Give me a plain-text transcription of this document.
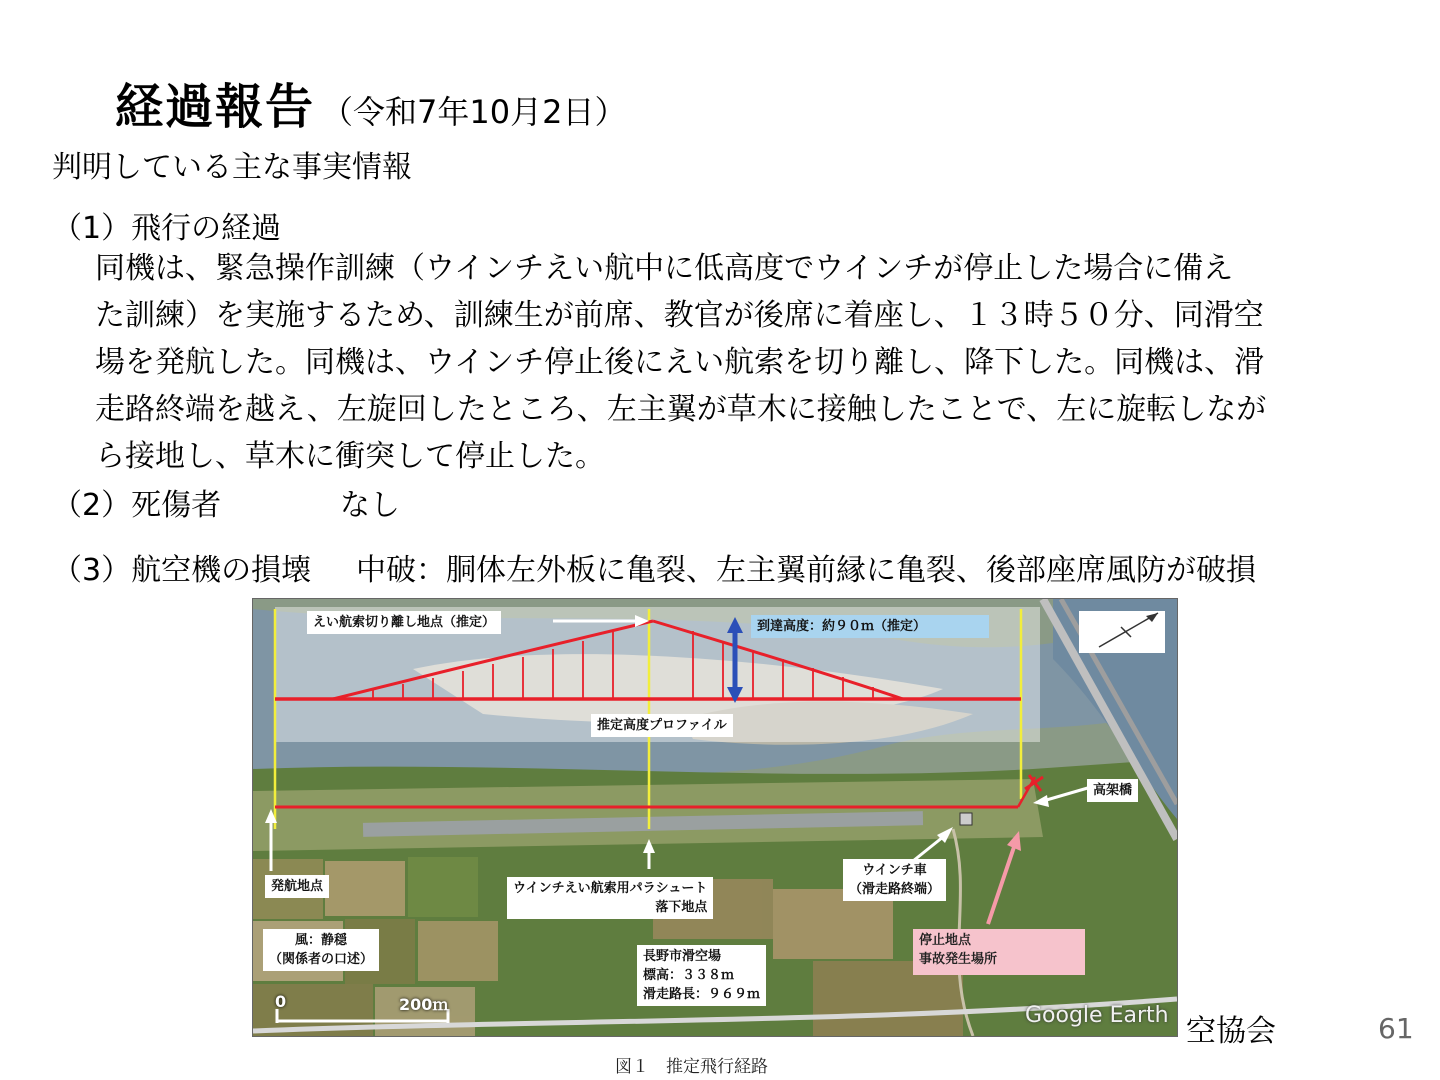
経過報告 （令和7年10月2日）
判明している主な事実情報
（1）飛行の経過
同機は、緊急操作訓練（ウインチえい航中に低高度でウインチが停止した場合に備え
た訓練）を実施するため、訓練生が前席、教官が後席に着座し、１３時５０分、同滑空
場を発航した。同機は、ウインチ停止後にえい航索を切り離し、降下した。同機は、滑
走路終端を越え、左旋回したところ、左主翼が草木に接触したことで、左に旋転しなが
ら接地し、草木に衝突して停止した。
（2）死傷者	なし
（3）航空機の損壊 中破：胴体左外板に亀裂、左主翼前縁に亀裂、後部座席風防が破損
えい航索切り離し地点（推定）	到達高度：約９０ｍ（推定）
推定高度プロファイル
高架橋
発航地点	ウインチえい航索用パラシュート
落下地点
ウインチ車
（滑走路終端）
風：静穏
（関係者の口述）	長野市滑空場
標高：３３８ｍ
滑走路長：９６９ｍ
停止地点
事故発生場所
0	200ｍ	Google Earth
図１　推定飛行経路
空協会	61
